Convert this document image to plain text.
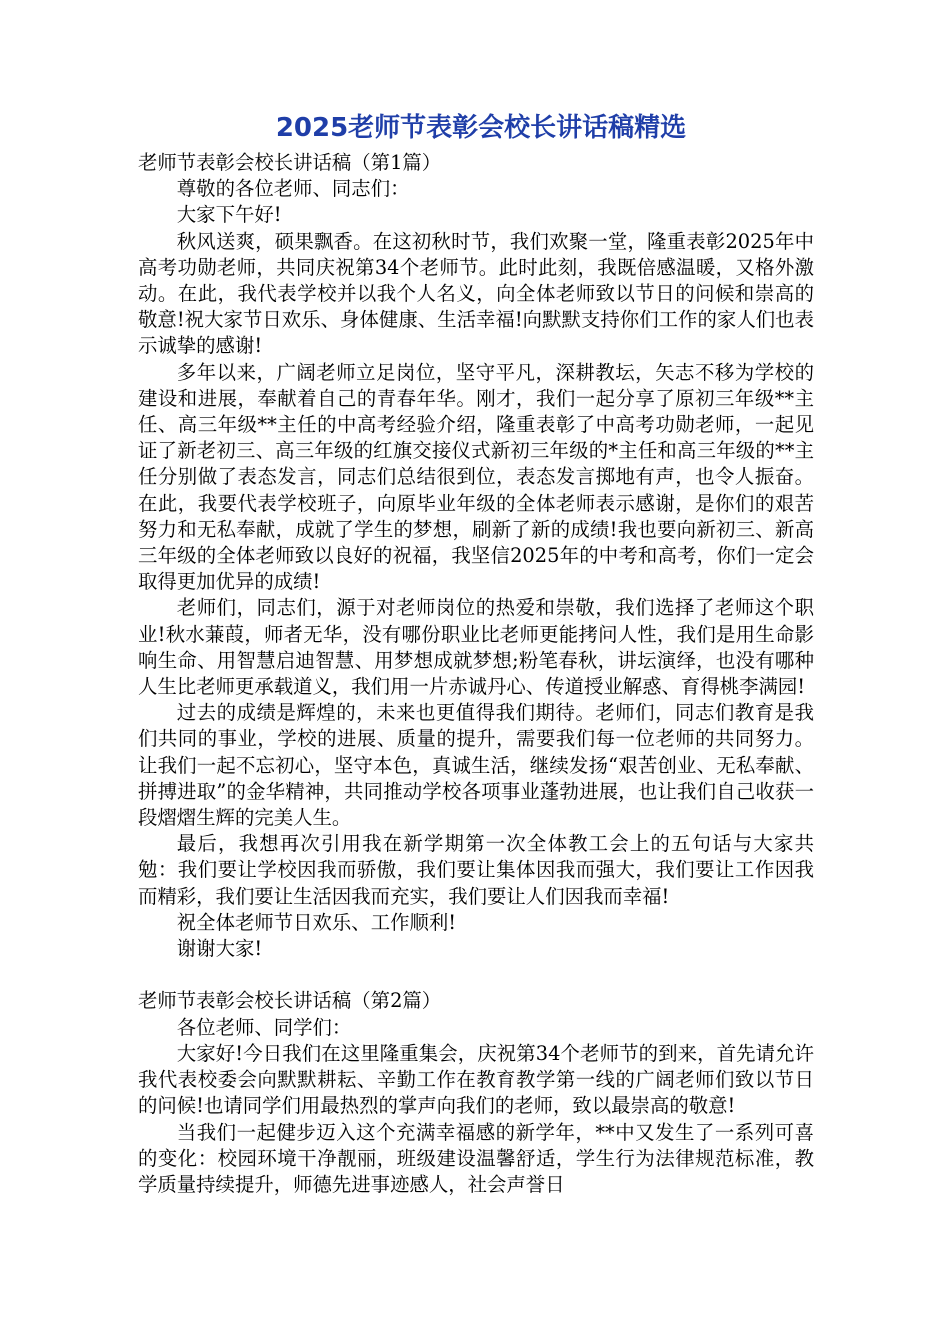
2025老师节表彰会校长讲话稿精选

老师节表彰会校长讲话稿（第1篇）

尊敬的各位老师、同志们：

大家下午好!

秋风送爽，硕果飘香。在这初秋时节，我们欢聚一堂，隆重表彰2025年中高考功勋老师，共同庆祝第34个老师节。此时此刻，我既倍感温暖，又格外激动。在此，我代表学校并以我个人名义，向全体老师致以节日的问候和崇高的敬意!祝大家节日欢乐、身体健康、生活幸福!向默默支持你们工作的家人们也表示诚挚的感谢!

多年以来，广阔老师立足岗位，坚守平凡，深耕教坛，矢志不移为学校的建设和进展，奉献着自己的青春年华。刚才，我们一起分享了原初三年级**主任、高三年级**主任的中高考经验介绍，隆重表彰了中高考功勋老师，一起见证了新老初三、高三年级的红旗交接仪式新初三年级的*主任和高三年级的**主任分别做了表态发言，同志们总结很到位，表态发言掷地有声，也令人振奋。在此，我要代表学校班子，向原毕业年级的全体老师表示感谢，是你们的艰苦努力和无私奉献，成就了学生的梦想，刷新了新的成绩!我也要向新初三、新高三年级的全体老师致以良好的祝福，我坚信2025年的中考和高考，你们一定会取得更加优异的成绩!

老师们，同志们，源于对老师岗位的热爱和崇敬，我们选择了老师这个职业!秋水蒹葭，师者无华，没有哪份职业比老师更能拷问人性，我们是用生命影响生命、用智慧启迪智慧、用梦想成就梦想;粉笔春秋，讲坛演绎，也没有哪种人生比老师更承载道义，我们用一片赤诚丹心、传道授业解惑、育得桃李满园!

过去的成绩是辉煌的，未来也更值得我们期待。老师们，同志们教育是我们共同的事业，学校的进展、质量的提升，需要我们每一位老师的共同努力。让我们一起不忘初心，坚守本色，真诚生活，继续发扬“艰苦创业、无私奉献、拼搏进取”的金华精神，共同推动学校各项事业蓬勃进展，也让我们自己收获一段熠熠生辉的完美人生。

最后，我想再次引用我在新学期第一次全体教工会上的五句话与大家共勉：我们要让学校因我而骄傲，我们要让集体因我而强大，我们要让工作因我而精彩，我们要让生活因我而充实，我们要让人们因我而幸福!

祝全体老师节日欢乐、工作顺利!

谢谢大家!

老师节表彰会校长讲话稿（第2篇）

各位老师、同学们：

大家好!今日我们在这里隆重集会，庆祝第34个老师节的到来，首先请允许我代表校委会向默默耕耘、辛勤工作在教育教学第一线的广阔老师们致以节日的问候!也请同学们用最热烈的掌声向我们的老师，致以最崇高的敬意!

当我们一起健步迈入这个充满幸福感的新学年，**中又发生了一系列可喜的变化：校园环境干净靓丽，班级建设温馨舒适，学生行为法律规范标准，教学质量持续提升，师德先进事迹感人，社会声誉日
